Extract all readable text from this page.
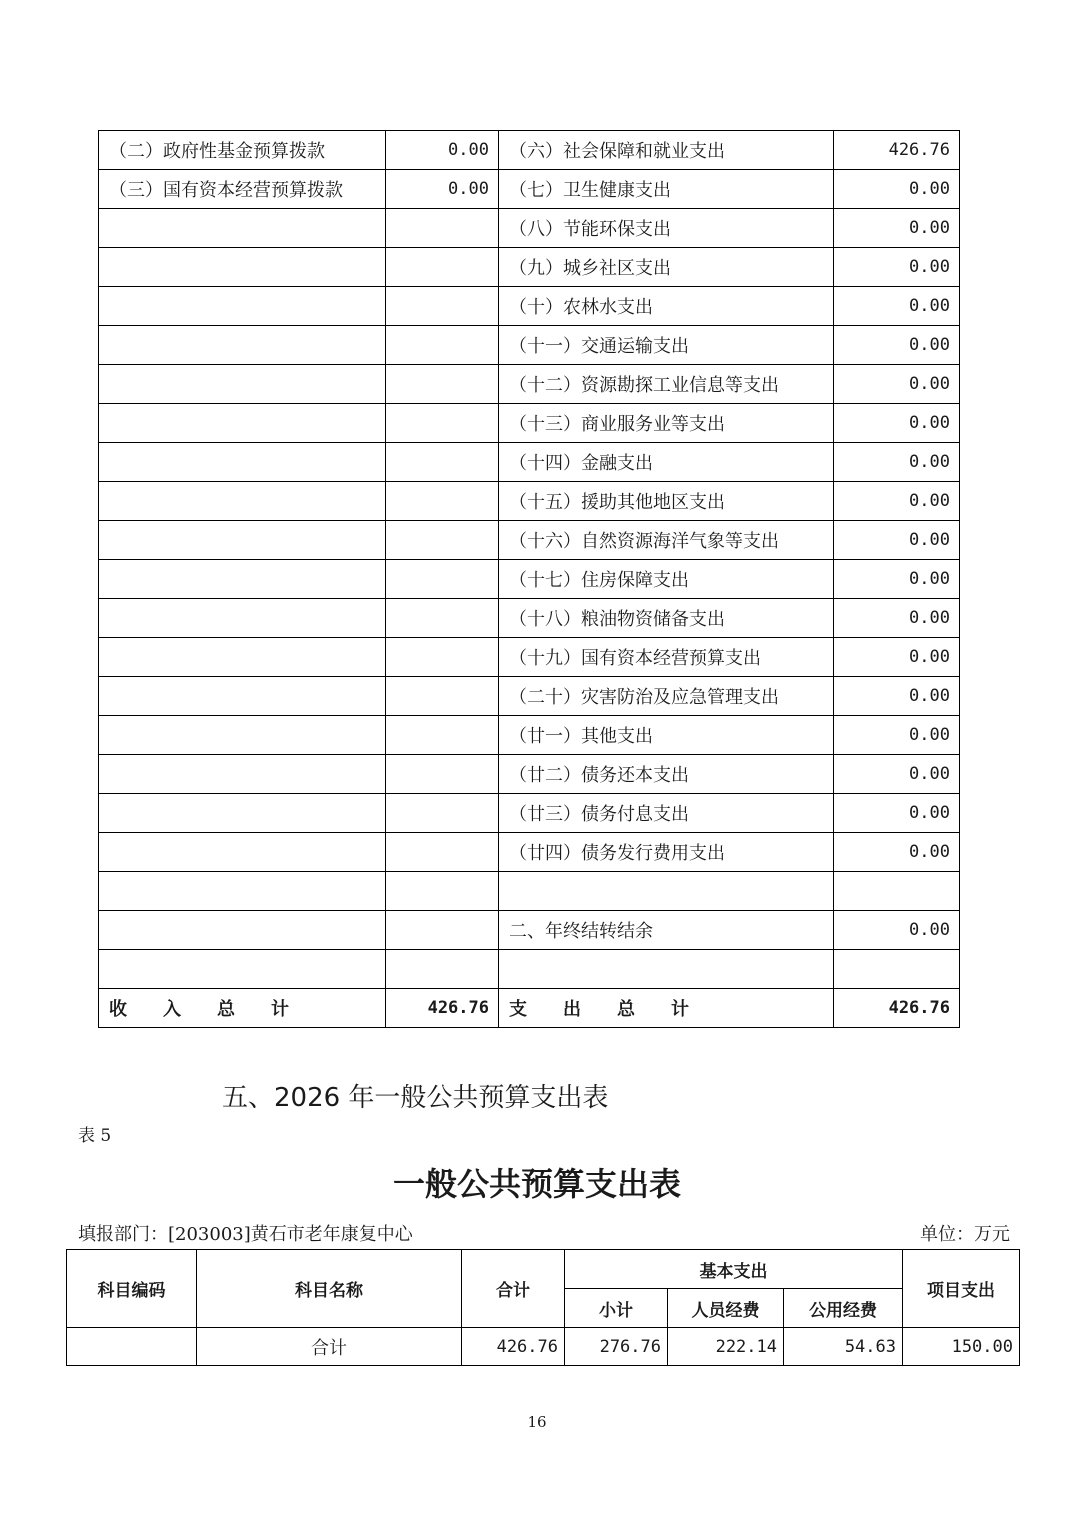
（二）政府性基金预算拨款	0.00	（六）社会保障和就业支出	426.76
（三）国有资本经营预算拨款	0.00	（七）卫生健康支出	0.00
		（八）节能环保支出	0.00
		（九）城乡社区支出	0.00
		（十）农林水支出	0.00
		（十一）交通运输支出	0.00
		（十二）资源勘探工业信息等支出	0.00
		（十三）商业服务业等支出	0.00
		（十四）金融支出	0.00
		（十五）援助其他地区支出	0.00
		（十六）自然资源海洋气象等支出	0.00
		（十七）住房保障支出	0.00
		（十八）粮油物资储备支出	0.00
		（十九）国有资本经营预算支出	0.00
		（二十）灾害防治及应急管理支出	0.00
		（廿一）其他支出	0.00
		（廿二）债务还本支出	0.00
		（廿三）债务付息支出	0.00
		（廿四）债务发行费用支出	0.00

		二、年终结转结余	0.00

收　　入　　总　　计	426.76	支　　出　　总　　计	426.76
五、2026 年一般公共预算支出表
表 5
一般公共预算支出表
填报部门：[203003]黄石市老年康复中心	单位：万元
科目编码	科目名称	合计	基本支出			项目支出
			小计	人员经费	公用经费	
	合计	426.76	276.76	222.14	54.63	150.00
16
